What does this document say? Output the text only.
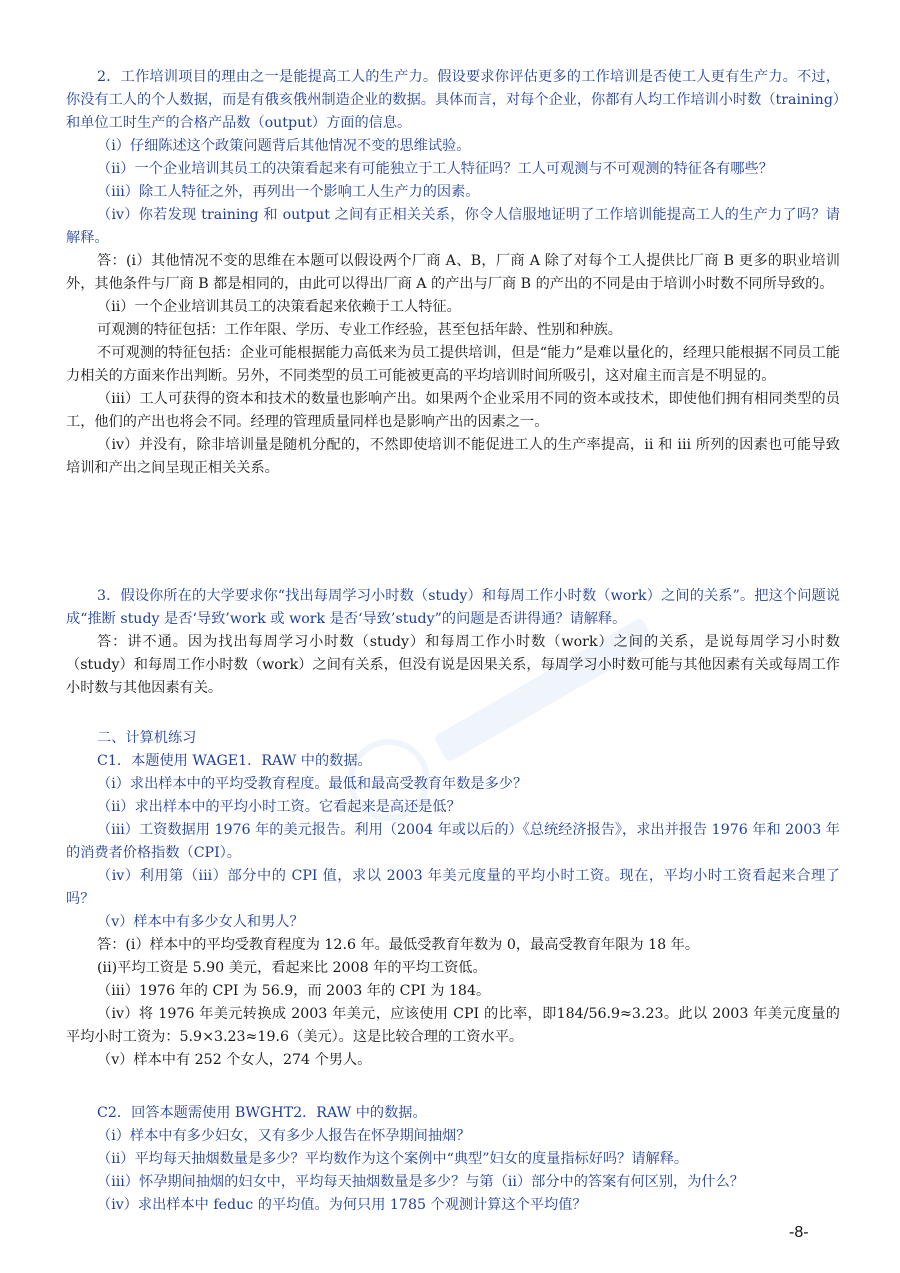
2．工作培训项目的理由之一是能提高工人的生产力。假设要求你评估更多的工作培训是否使工人更有生产力。不过，你没有工人的个人数据，而是有俄亥俄州制造企业的数据。具体而言，对每个企业，你都有人均工作培训小时数（training）和单位工时生产的合格产品数（output）方面的信息。

（i）仔细陈述这个政策问题背后其他情况不变的思维试验。

（ii）一个企业培训其员工的决策看起来有可能独立于工人特征吗？工人可观测与不可观测的特征各有哪些？

（iii）除工人特征之外，再列出一个影响工人生产力的因素。

（iv）你若发现 training 和 output 之间有正相关关系，你令人信服地证明了工作培训能提高工人的生产力了吗？请解释。

答：(i）其他情况不变的思维在本题可以假设两个厂商 A、B，厂商 A 除了对每个工人提供比厂商 B 更多的职业培训外，其他条件与厂商 B 都是相同的，由此可以得出厂商 A 的产出与厂商 B 的产出的不同是由于培训小时数不同所导致的。

（ii）一个企业培训其员工的决策看起来依赖于工人特征。

可观测的特征包括：工作年限、学历、专业工作经验，甚至包括年龄、性别和种族。

不可观测的特征包括：企业可能根据能力高低来为员工提供培训，但是“能力”是难以量化的，经理只能根据不同员工能力相关的方面来作出判断。另外，不同类型的员工可能被更高的平均培训时间所吸引，这对雇主而言是不明显的。

（iii）工人可获得的资本和技术的数量也影响产出。如果两个企业采用不同的资本或技术，即使他们拥有相同类型的员工，他们的产出也将会不同。经理的管理质量同样也是影响产出的因素之一。

（iv）并没有，除非培训量是随机分配的，不然即使培训不能促进工人的生产率提高，ii 和 iii 所列的因素也可能导致培训和产出之间呈现正相关关系。

3．假设你所在的大学要求你“找出每周学习小时数（study）和每周工作小时数（work）之间的关系”。把这个问题说成“推断 study 是否‘导致’work 或 work 是否‘导致’study”的问题是否讲得通？请解释。

答：讲不通。因为找出每周学习小时数（study）和每周工作小时数（work）之间的关系，是说每周学习小时数（study）和每周工作小时数（work）之间有关系，但没有说是因果关系，每周学习小时数可能与其他因素有关或每周工作小时数与其他因素有关。

二、计算机练习

C1．本题使用 WAGE1．RAW 中的数据。

（i）求出样本中的平均受教育程度。最低和最高受教育年数是多少？

（ii）求出样本中的平均小时工资。它看起来是高还是低？

（iii）工资数据用 1976 年的美元报告。利用（2004 年或以后的）《总统经济报告》，求出并报告 1976 年和 2003 年的消费者价格指数（CPI）。

（iv）利用第（iii）部分中的 CPI 值，求以 2003 年美元度量的平均小时工资。现在，平均小时工资看起来合理了吗？

（v）样本中有多少女人和男人？

答：(i）样本中的平均受教育程度为 12.6 年。最低受教育年数为 0，最高受教育年限为 18 年。

(ii)平均工资是 5.90 美元，看起来比 2008 年的平均工资低。

（iii）1976 年的 CPI 为 56.9，而 2003 年的 CPI 为 184。

（iv）将 1976 年美元转换成 2003 年美元，应该使用 CPI 的比率，即184/56.9≈3.23。此以 2003 年美元度量的平均小时工资为：5.9×3.23≈19.6（美元）。这是比较合理的工资水平。

（v）样本中有 252 个女人，274 个男人。

C2．回答本题需使用 BWGHT2．RAW 中的数据。

（i）样本中有多少妇女，又有多少人报告在怀孕期间抽烟？

（ii）平均每天抽烟数量是多少？平均数作为这个案例中“典型”妇女的度量指标好吗？请解释。

（iii）怀孕期间抽烟的妇女中，平均每天抽烟数量是多少？与第（ii）部分中的答案有何区别，为什么？

（iv）求出样本中 feduc 的平均值。为何只用 1785 个观测计算这个平均值？

-8-
